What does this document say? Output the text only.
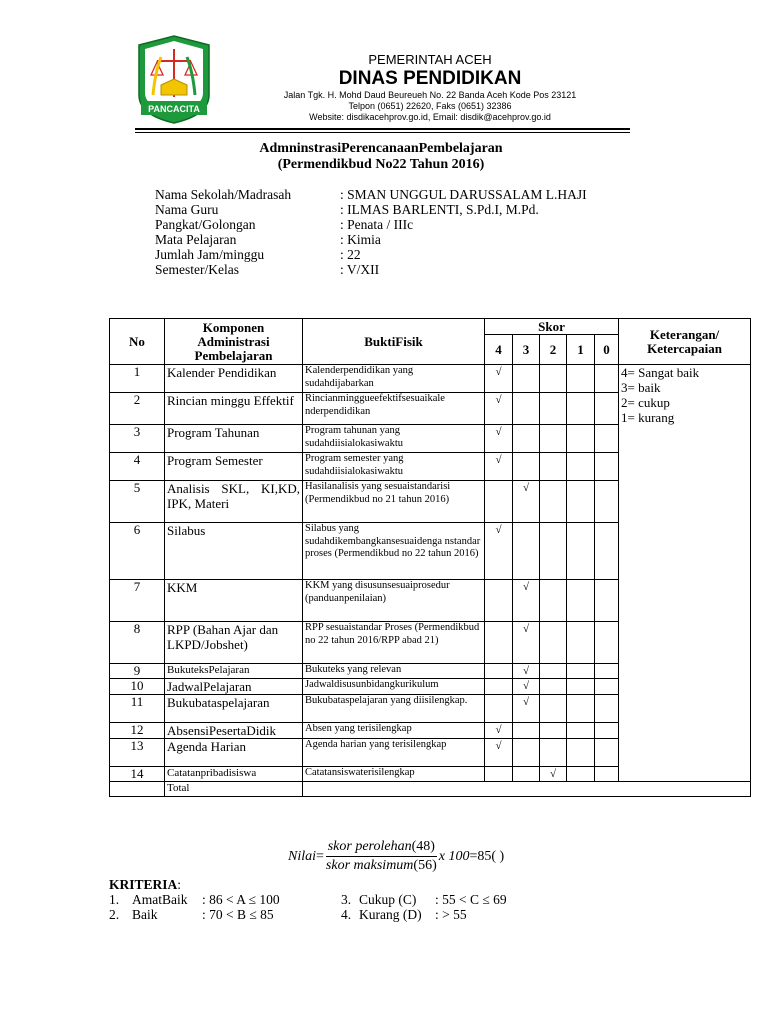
PANCACITA
PEMERINTAH ACEH
DINAS PENDIDIKAN
Jalan Tgk. H. Mohd Daud Beureueh No. 22 Banda Aceh Kode Pos 23121
Telpon (0651) 22620, Faks (0651) 32386
Website: disdikacehprov.go.id, Email: disdik@acehprov.go.id
AdmninstrasiPerencanaanPembelajaran
(Permendikbud No22 Tahun 2016)
Nama Sekolah/Madrasah	: SMAN UNGGUL DARUSSALAM L.HAJI
Nama Guru	: ILMAS BARLENTI, S.Pd.I, M.Pd.
Pangkat/Golongan	: Penata / IIIc
Mata Pelajaran	: Kimia
Jumlah Jam/minggu	: 22
Semester/Kelas	: V/XII
No	Komponen Administrasi Pembelajaran	BuktiFisik	Skor					Keterangan/ Ketercapaian
			4	3	2	1	0	
1	Kalender Pendidikan	Kalenderpendidikan yang sudahdijabarkan	√					4= Sangat baik
3= baik
2= cukup
1= kurang

2	Rincian minggu Effektif	Rincianminggueefektifsesuaikale nderpendidikan	√					
3	Program Tahunan	Program tahunan yang sudahdiisialokasiwaktu	√					
4	Program Semester	Program semester yang sudahdiisialokasiwaktu	√					
5	Analisis SKL, KI,KD, IPK, Materi	Hasilanalisis yang sesuaistandarisi (Permendikbud no 21 tahun 2016)		√				
6	Silabus	Silabus yang sudahdikembangkansesuaidenga nstandar proses (Permendikbud no 22 tahun 2016)	√					
7	KKM	KKM yang disusunsesuaiprosedur (panduanpenilaian)		√				
8	RPP (Bahan Ajar dan LKPD/Jobshet)	RPP sesuaistandar Proses (Permendikbud no 22 tahun 2016/RPP abad 21)		√				
9	BukuteksPelajaran	Bukuteks yang relevan		√				
10	JadwalPelajaran	Jadwaldisusunbidangkurikulum		√				
11	Bukubataspelajaran	Bukubataspelajaran yang diisilengkap.		√				
12	AbsensiPesertaDidik	Absen yang terisilengkap	√					
13	Agenda Harian	Agenda harian yang terisilengkap	√					
14	Catatanpribadisiswa	Catatansiswaterisilengkap			√			
	Total							
Nilai = $\frac{\text{skor perolehan(48)}}{\text{skor maksimum(56)}}$ x 100 =85( )
KRITERIA:
1. AmatBaik	: 86 < A ≤ 100
2. Baik	: 70 < B ≤ 85
3. Cukup (C)	: 55 < C ≤ 69
4. Kurang (D) : > 55
